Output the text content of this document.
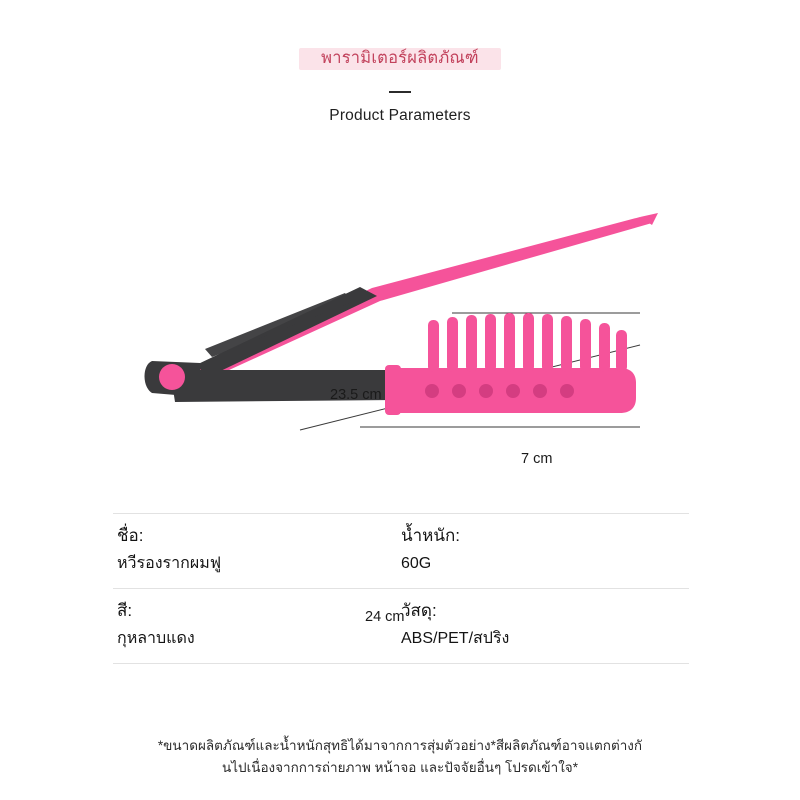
พารามิเตอร์ผลิตภัณฑ์
Product Parameters
23.5 cm
7 cm
24 cm
ชื่อ:
หวีรองรากผมฟู
น้ำหนัก:
60G
สี:
กุหลาบแดง
วัสดุ:
ABS/PET/สปริง
*ขนาดผลิตภัณฑ์และน้ำหนักสุทธิได้มาจากการสุ่มตัวอย่าง*สีผลิตภัณฑ์อาจแตกต่างกั
นไปเนื่องจากการถ่ายภาพ หน้าจอ และปัจจัยอื่นๆ โปรดเข้าใจ*
